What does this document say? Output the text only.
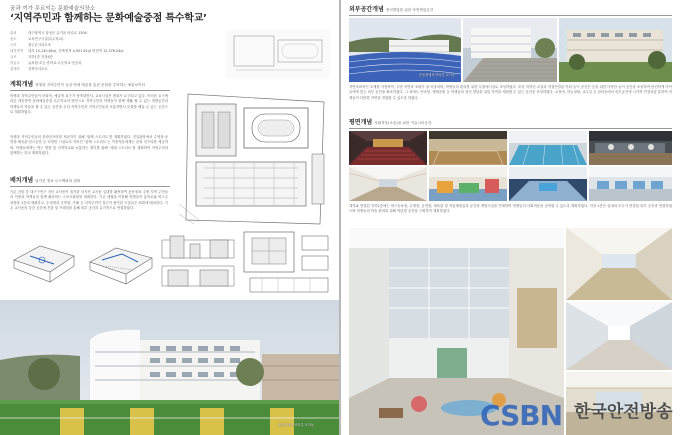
꿈과 끼가 무르익는 문화예술의장소
‘지역주민과 함께하는 문화예술중점 특수학교’
위치	대구광역시 달성군 유가읍 비슬로 1504
용도	교육연구시설(특수학교)
구조	철근콘크리트조
대지면적	대지 15,130.85㎡, 건축면적 4,501.42㎡ 연면적 12,376.24㎡
규모	지하1층 지상4층
학급수	유치원·초등·중학교·고등학교·전공과
설계자	건축사사무소
계획개념 학생과 지역주민이 일상 안에 예술을 통한 문화를 추억하는 예술보이터
학생과 지역주민들이 문화적, 예술적 욕구가 충족되면서, 교육시설은 변화가 요구되고 있다. 이러한 요구에 따른 대응하여 문화예술중점 특수학교의 방안으로 지역주민과 학생들이 함께 생활 할 수 있는 개방공간과 학생들의 학습을 할 수 있는 공간을 우리 지역주민과 지역주민들과 소통하면서 문화를 배울 수 있는 공간으로 계획하였다.
학생과 지역주민들의 문화인프라를 제공하기 위해 ‘함께 스트리트’를 계획하였다. 진입광장에서 수영장·공연장·체육관·전시공간 등 다양한 시설로의 이어진 ‘함께 스트리트’는 이용자들에게는 문화 인프라를 제공하며, 학생들에게는 여는 방향 및 지역학교와 소통하는 계기를 위해 ‘세대 스트리트’를 계획하여 지역주민과 함께하는 학교 계획하였다.
배치개념 남가진 정보 도시맥락의 변화
기존 건물 중 대구구연구 지난 교사동이 철거된 남겨진 교사동 일대를 활용하여 운동장과 주변 지역 주민들의 이용과 학생들의 함께 활동하는 스포츠광장을 계획한다. 기존 세월을 이용해 학생들이 통학로와 버스주차장을 1층에 계획하고, 수영장과 공연장, 카페 등 지역주민이 접근이 용이한 시설들은 외곽에 배치한다. 기존 교사동의 중간 공간에 건물 및 프레임을 통해 외부 공간과 유기적으로 연결하였다.
운동장에서 바라본 교사동
외부공간개념 정서발달을 위한 자연체험공간
운동장에서 바라본 교사동
자연조화적인 소재를 사용하여, 주변 자연과 조화가 잘 어울리며, 학생들의 편의를 위한 무장애시설로 조성하였다. 또한 저학년 교실과 직접연결된 야외 놀이 공간은 등을 위한 다양한 놀이 공간을 조성하여 안전하게 아이들에게 맞는 외부 공간을 확보하였다. 그 외에도 안마당, 생태공원 등 학생들의 정서 발달을 위한 자연을 체험할 수 있는 공간을 조성하였다. 교정에, 하늘정원, 교우길 등 관리동에서 외부공간에 시각적 연결성을 통하여 학생들이 다양한 자연을 경험할 수 있도록 하였다.
평면개념 사회적응(소통)을 위한 커뮤니티공간
대지와 연결된 지하1층에는 버스승차장, 수영장, 공연장, 체육관 및 직업체험실과 공간과 개방시설을 연계하여 학생들이 사회적응을 준비할 수 있도록 계획하였다. 지상 1층은 실내외 모두가 연결된 외부 공간과 연결하였으며 학생들의 학습 편의를 위해 학년별 공간을 구획하여 계획하였다.
CSBN 한국안전방송
